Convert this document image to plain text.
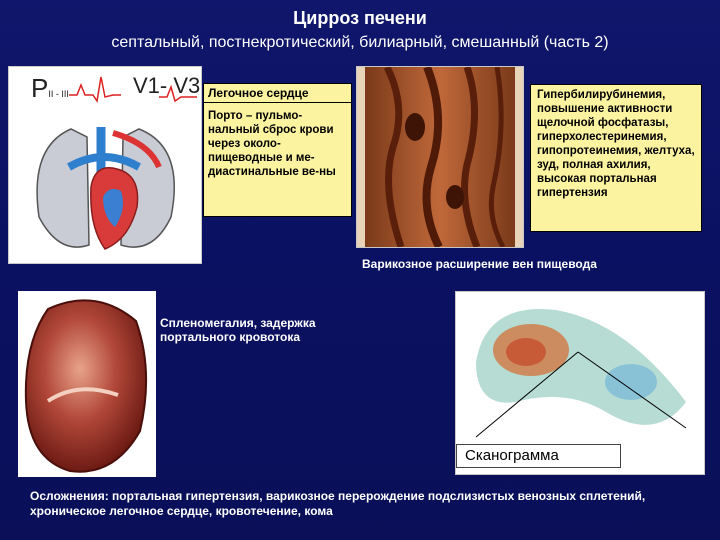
Цирроз печени
септальный, постнекротический, билиарный, смешанный (часть 2)
PII - III	V1- V3 Легочное сердце
Порто – пульмо-нальный сброс крови через около-пищеводные и ме-диастинальные ве-ны
Гипербилирубинемия, повышение активности щелочной фосфатазы, гиперхолестеринемия, гипопротеинемия, желтуха, зуд, полная ахилия, высокая портальная гипертензия
Варикозное расширение вен пищевода
Спленомегалия, задержка портального кровотока
Сканограмма
Осложнения: портальная гипертензия, варикозное перерождение подслизистых венозных сплетений, хроническое легочное сердце, кровотечение, кома
